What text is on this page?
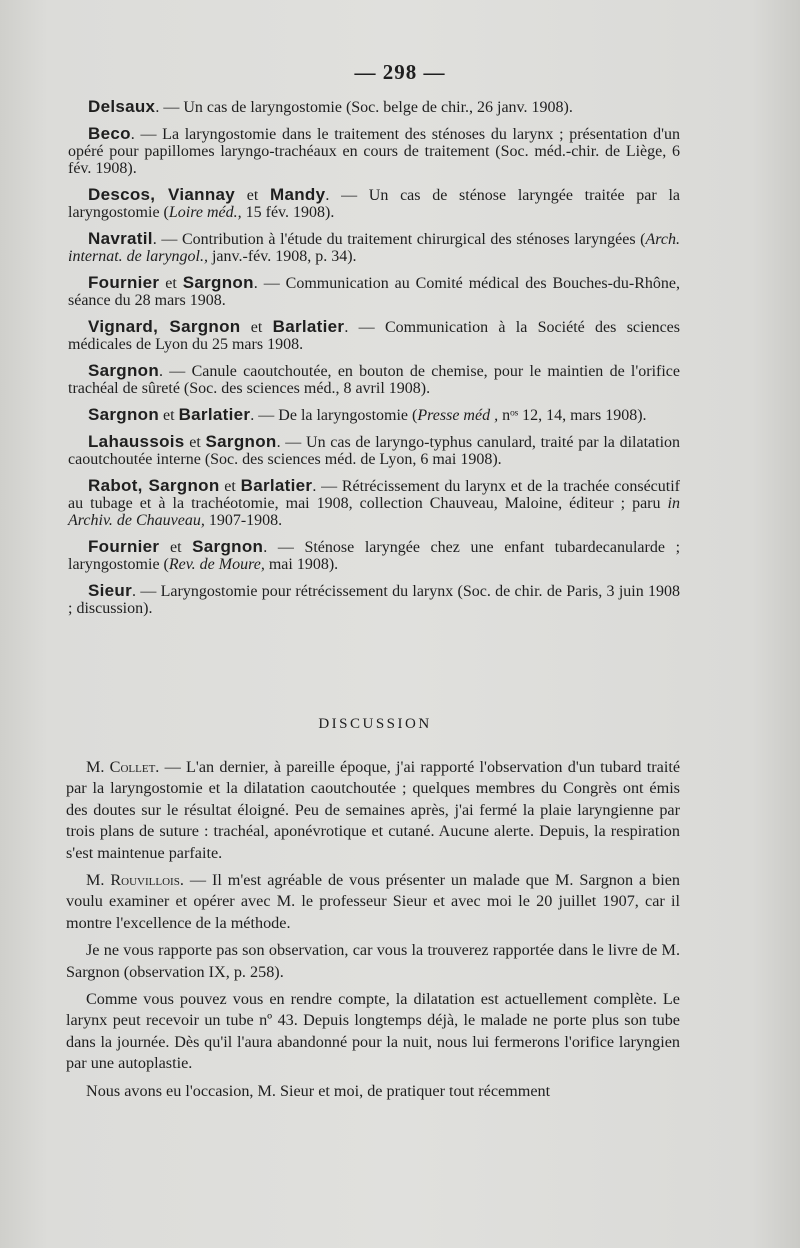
— 298 —

Delsaux. — Un cas de laryngostomie (Soc. belge de chir., 26 janv. 1908).

Beco. — La laryngostomie dans le traitement des sténoses du larynx ; présentation d'un opéré pour papillomes laryngo-trachéaux en cours de traitement (Soc. méd.-chir. de Liège, 6 fév. 1908).

Descos, Viannay et Mandy. — Un cas de sténose laryngée traitée par la laryngostomie (Loire méd., 15 fév. 1908).

Navratil. — Contribution à l'étude du traitement chirurgical des sténoses laryngées (Arch. internat. de laryngol., janv.-fév. 1908, p. 34).

Fournier et Sargnon. — Communication au Comité médical des Bouches-du-Rhône, séance du 28 mars 1908.

Vignard, Sargnon et Barlatier. — Communication à la Société des sciences médicales de Lyon du 25 mars 1908.

Sargnon. — Canule caoutchoutée, en bouton de chemise, pour le maintien de l'orifice trachéal de sûreté (Soc. des sciences méd., 8 avril 1908).

Sargnon et Barlatier. — De la laryngostomie (Presse méd , nᵒˢ 12, 14, mars 1908).

Lahaussois et Sargnon. — Un cas de laryngo-typhus canulard, traité par la dilatation caoutchoutée interne (Soc. des sciences méd. de Lyon, 6 mai 1908).

Rabot, Sargnon et Barlatier. — Rétrécissement du larynx et de la trachée consécutif au tubage et à la trachéotomie, mai 1908, collection Chauveau, Maloine, éditeur ; paru in Archiv. de Chauveau, 1907-1908.

Fournier et Sargnon. — Sténose laryngée chez une enfant tubardecanularde ; laryngostomie (Rev. de Moure, mai 1908).

Sieur. — Laryngostomie pour rétrécissement du larynx (Soc. de chir. de Paris, 3 juin 1908 ; discussion).

DISCUSSION

M. Collet. — L'an dernier, à pareille époque, j'ai rapporté l'observation d'un tubard traité par la laryngostomie et la dilatation caoutchoutée ; quelques membres du Congrès ont émis des doutes sur le résultat éloigné. Peu de semaines après, j'ai fermé la plaie laryngienne par trois plans de suture : trachéal, aponévrotique et cutané. Aucune alerte. Depuis, la respiration s'est maintenue parfaite.

M. Rouvillois. — Il m'est agréable de vous présenter un malade que M. Sargnon a bien voulu examiner et opérer avec M. le professeur Sieur et avec moi le 20 juillet 1907, car il montre l'excellence de la méthode.

Je ne vous rapporte pas son observation, car vous la trouverez rapportée dans le livre de M. Sargnon (observation IX, p. 258).

Comme vous pouvez vous en rendre compte, la dilatation est actuellement complète. Le larynx peut recevoir un tube nº 43. Depuis longtemps déjà, le malade ne porte plus son tube dans la journée. Dès qu'il l'aura abandonné pour la nuit, nous lui fermerons l'orifice laryngien par une autoplastie.

Nous avons eu l'occasion, M. Sieur et moi, de pratiquer tout récemment
